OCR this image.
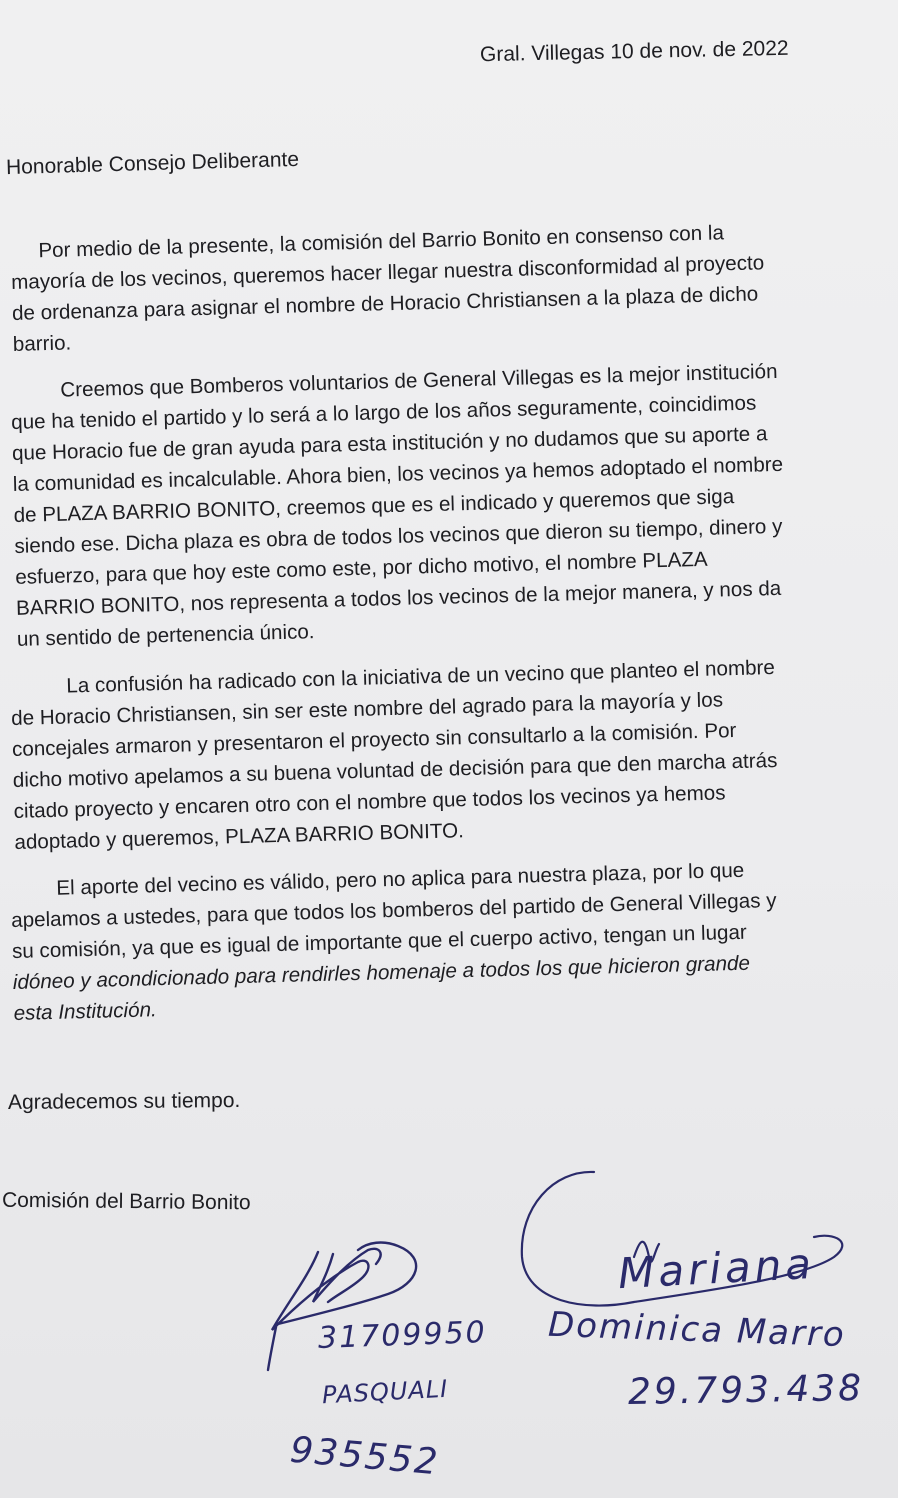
Gral. Villegas 10 de nov. de 2022
Honorable Consejo Deliberante
Por medio de la presente, la comisión del Barrio Bonito en consenso con la
mayoría de los vecinos, queremos hacer llegar nuestra disconformidad al proyecto
de ordenanza para asignar el nombre de Horacio Christiansen a la plaza de dicho
barrio.
Creemos que Bomberos voluntarios de General Villegas es la mejor institución
que ha tenido el partido y lo será a lo largo de los años seguramente, coincidimos
que Horacio fue de gran ayuda para esta institución y no dudamos que su aporte a
la comunidad es incalculable. Ahora bien, los vecinos ya hemos adoptado el nombre
de PLAZA BARRIO BONITO, creemos que es el indicado y queremos que siga
siendo ese. Dicha plaza es obra de todos los vecinos que dieron su tiempo, dinero y
esfuerzo, para que hoy este como este, por dicho motivo, el nombre PLAZA
BARRIO BONITO, nos representa a todos los vecinos de la mejor manera, y nos da
un sentido de pertenencia único.
La confusión ha radicado con la iniciativa de un vecino que planteo el nombre
de Horacio Christiansen, sin ser este nombre del agrado para la mayoría y los
concejales armaron y presentaron el proyecto sin consultarlo a la comisión. Por
dicho motivo apelamos a su buena voluntad de decisión para que den marcha atrás
citado proyecto y encaren otro con el nombre que todos los vecinos ya hemos
adoptado y queremos, PLAZA BARRIO BONITO.
El aporte del vecino es válido, pero no aplica para nuestra plaza, por lo que
apelamos a ustedes, para que todos los bomberos del partido de General Villegas y
su comisión, ya que es igual de importante que el cuerpo activo, tengan un lugar
idóneo y acondicionado para rendirles homenaje a todos los que hicieron grande
esta Institución.
Agradecemos su tiempo.
Comisión del Barrio Bonito
Mariana
Dominica Marro
31709950
PASQUALI
935552
29.793.438
